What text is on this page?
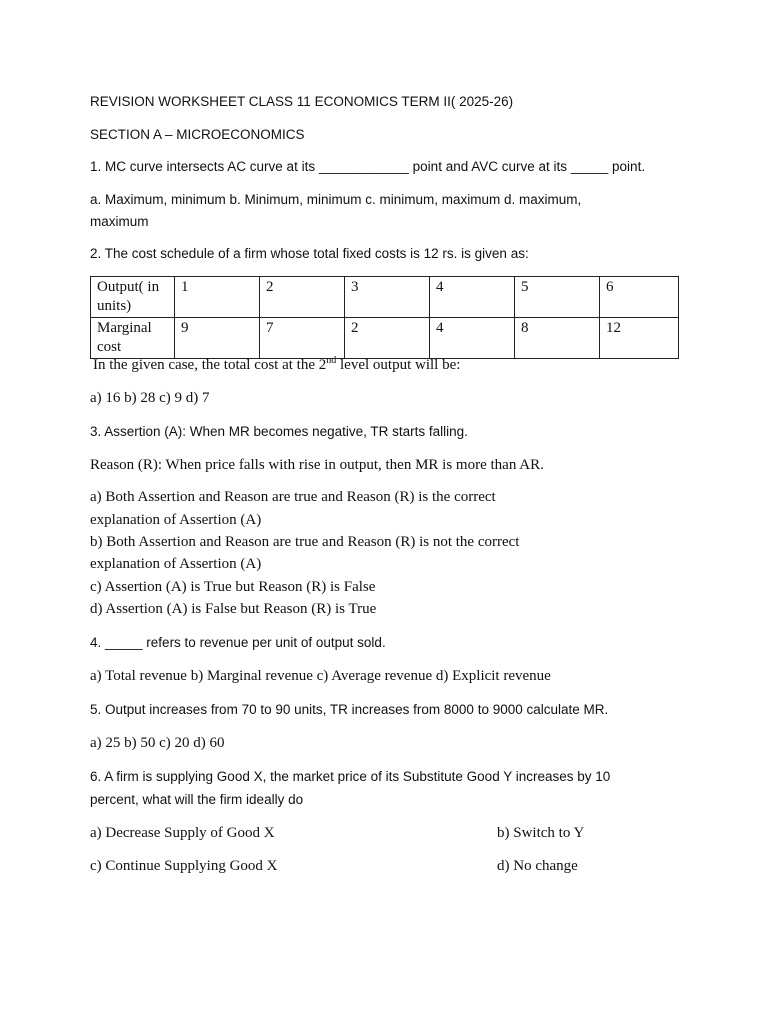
REVISION WORKSHEET CLASS 11 ECONOMICS TERM II( 2025-26)
SECTION A – MICROECONOMICS
1. MC curve intersects AC curve at its ____________ point and AVC curve at its _____ point.
a. Maximum, minimum b. Minimum, minimum c. minimum, maximum d. maximum,
maximum
2. The cost schedule of a firm whose total fixed costs is 12 rs. is given as:
Output( in
units)	1	2	3	4	5	6
Marginal
cost	9	7	2	4	8	12
In the given case, the total cost at the 2nd level output will be:
a) 16 b) 28 c) 9 d) 7
3. Assertion (A): When MR becomes negative, TR starts falling.
Reason (R): When price falls with rise in output, then MR is more than AR.
a) Both Assertion and Reason are true and Reason (R) is the correct
explanation of Assertion (A)
b) Both Assertion and Reason are true and Reason (R) is not the correct
explanation of Assertion (A)
c) Assertion (A) is True but Reason (R) is False
d) Assertion (A) is False but Reason (R) is True
4. _____ refers to revenue per unit of output sold.
a) Total revenue b) Marginal revenue c) Average revenue d) Explicit revenue
5. Output increases from 70 to 90 units, TR increases from 8000 to 9000 calculate MR.
a) 25 b) 50 c) 20 d) 60
6. A firm is supplying Good X, the market price of its Substitute Good Y increases by 10
percent, what will the firm ideally do
a) Decrease Supply of Good X	b) Switch to Y
c) Continue Supplying Good X	d) No change
